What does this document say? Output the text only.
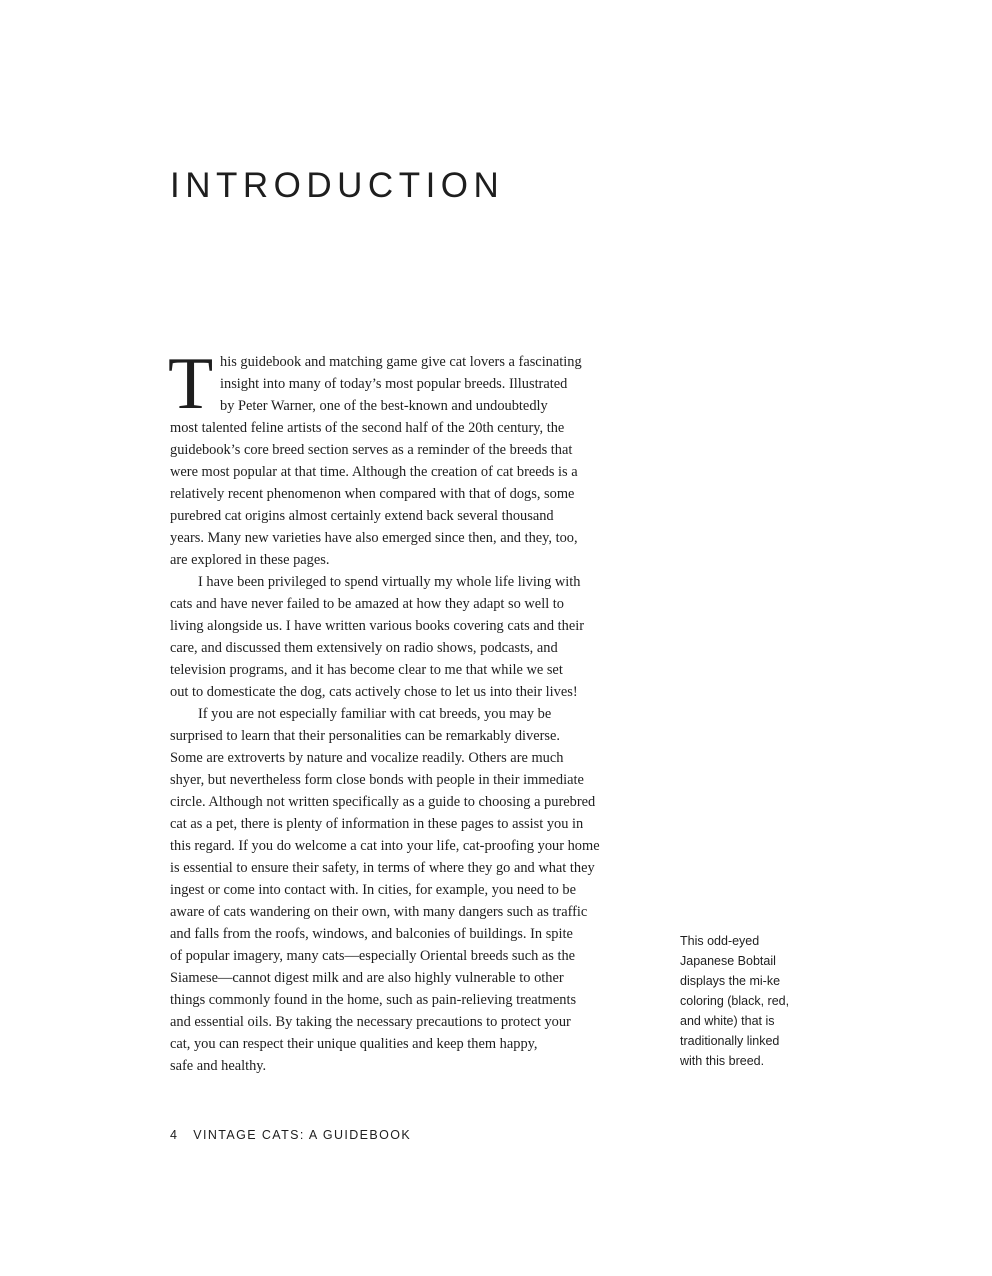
INTRODUCTION
T his guidebook and matching game give cat lovers a fascinating
insight into many of today’s most popular breeds. Illustrated
by Peter Warner, one of the best-known and undoubtedly
most talented feline artists of the second half of the 20th century, the
guidebook’s core breed section serves as a reminder of the breeds that
were most popular at that time. Although the creation of cat breeds is a
relatively recent phenomenon when compared with that of dogs, some
purebred cat origins almost certainly extend back several thousand
years. Many new varieties have also emerged since then, and they, too,
are explored in these pages.
I have been privileged to spend virtually my whole life living with
cats and have never failed to be amazed at how they adapt so well to
living alongside us. I have written various books covering cats and their
care, and discussed them extensively on radio shows, podcasts, and
television programs, and it has become clear to me that while we set
out to domesticate the dog, cats actively chose to let us into their lives!
If you are not especially familiar with cat breeds, you may be
surprised to learn that their personalities can be remarkably diverse.
Some are extroverts by nature and vocalize readily. Others are much
shyer, but nevertheless form close bonds with people in their immediate
circle. Although not written specifically as a guide to choosing a purebred
cat as a pet, there is plenty of information in these pages to assist you in
this regard. If you do welcome a cat into your life, cat-proofing your home
is essential to ensure their safety, in terms of where they go and what they
ingest or come into contact with. In cities, for example, you need to be
aware of cats wandering on their own, with many dangers such as traffic
and falls from the roofs, windows, and balconies of buildings. In spite
of popular imagery, many cats—especially Oriental breeds such as the
Siamese—cannot digest milk and are also highly vulnerable to other
things commonly found in the home, such as pain-relieving treatments
and essential oils. By taking the necessary precautions to protect your
cat, you can respect their unique qualities and keep them happy,
safe and healthy.
This odd-eyed
Japanese Bobtail
displays the mi-ke
coloring (black, red,
and white) that is
traditionally linked
with this breed.
4 VINTAGE CATS: A GUIDEBOOK
